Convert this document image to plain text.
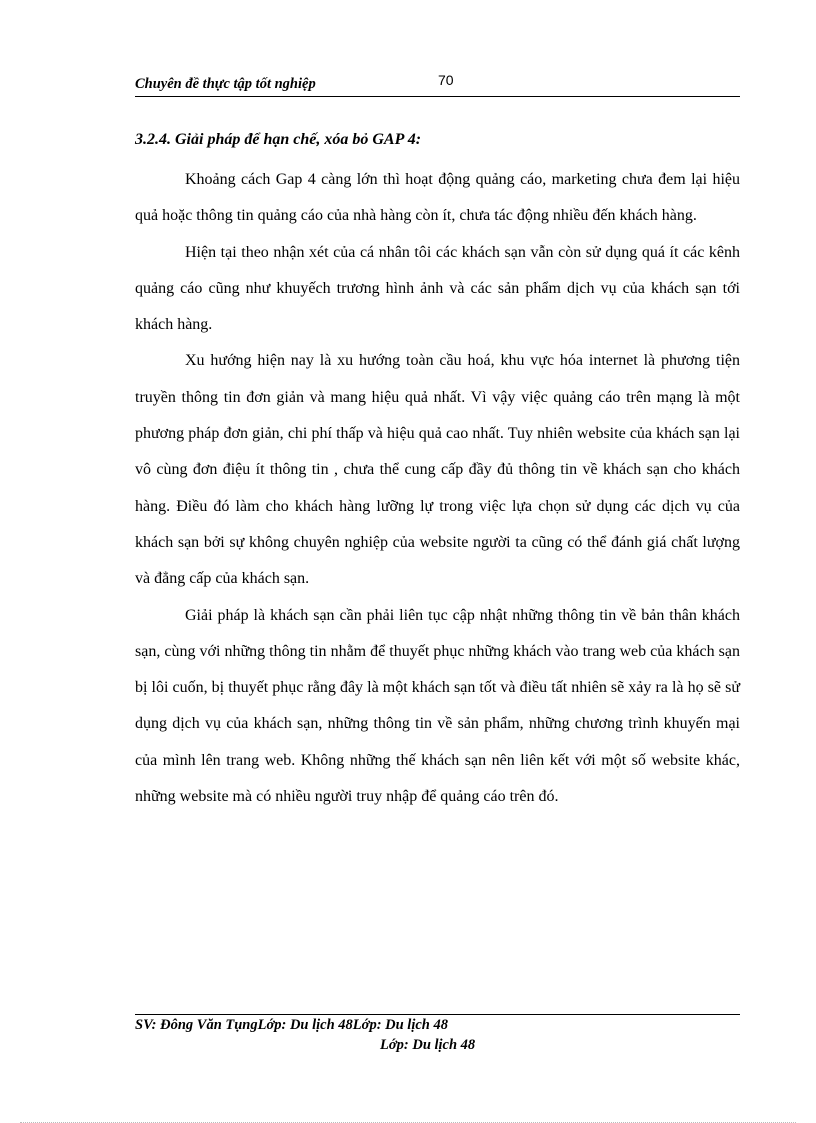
Chuyên đề thực tập tốt nghiệp	70
3.2.4. Giải pháp để hạn chế, xóa bỏ GAP 4:

Khoảng cách Gap 4 càng lớn thì hoạt động quảng cáo, marketing chưa đem lại hiệu quả hoặc thông tin quảng cáo của nhà hàng còn ít, chưa tác động nhiều đến khách hàng.

Hiện tại theo nhận xét của cá nhân tôi các khách sạn vẫn còn sử dụng quá ít các kênh quảng cáo cũng như khuyếch trương hình ảnh và các sản phẩm dịch vụ của khách sạn tới khách hàng.

Xu hướng hiện nay là xu hướng toàn cầu hoá, khu vực hóa internet là phương tiện truyền thông tin đơn giản và mang hiệu quả nhất. Vì vậy việc quảng cáo trên mạng là một phương pháp đơn giản, chi phí thấp và hiệu quả cao nhất. Tuy nhiên website của khách sạn lại vô cùng đơn điệu ít thông tin , chưa thể cung cấp đầy đủ thông tin về khách sạn cho khách hàng. Điều đó làm cho khách hàng lưỡng lự trong việc lựa chọn sử dụng các dịch vụ của khách sạn bởi sự không chuyên nghiệp của website người ta cũng có thể đánh giá chất lượng và đẳng cấp của khách sạn.

Giải pháp là khách sạn cần phải liên tục cập nhật những thông tin về bản thân khách sạn, cùng với những thông tin nhằm để thuyết phục những khách vào trang web của khách sạn bị lôi cuốn, bị thuyết phục rằng đây là một khách sạn tốt và điều tất nhiên sẽ xảy ra là họ sẽ sử dụng dịch vụ của khách sạn, những thông tin về sản phẩm, những chương trình khuyến mại của mình lên trang web. Không những thế khách sạn nên liên kết với một số website khác, những website mà có nhiều người truy nhập để quảng cáo trên đó.

SV: Đông Văn TụngLớp: Du lịch 48Lớp: Du lịch 48
Lớp: Du lịch 48
